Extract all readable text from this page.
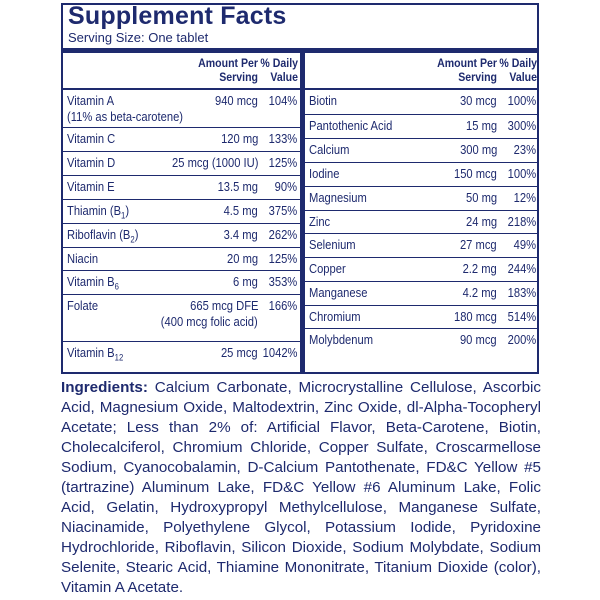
Supplement Facts
Serving Size: One tablet
Amount Per
Serving
% Daily
Value
Vitamin A	940 mcg 104%
(11% as beta-carotene)
Vitamin C	120 mg 133%
Vitamin D	25 mcg (1000 IU) 125%
Vitamin E	13.5 mg 90%
Thiamin $(B_1)$	4.5 mg 375%
Riboflavin $(B_2)$	3.4 mg 262%
Niacin	20 mg 125%
Vitamin $B_6$	6 mg 353%
Folate	665 mcg DFE 166%
(400 mcg folic acid)
Vitamin $B_{12}$	25 mcg 1042%
Amount Per
Serving
% Daily
Value
Biotin	30 mcg 100%
Pantothenic Acid	15 mg 300%
Calcium	300 mg 23%
Iodine	150 mcg 100%
Magnesium	50 mg 12%
Zinc	24 mg 218%
Selenium	27 mcg 49%
Copper	2.2 mg 244%
Manganese	4.2 mg 183%
Chromium	180 mcg 514%
Molybdenum	90 mcg 200%
Ingredients: Calcium Carbonate, Microcrystalline Cellulose, Ascorbic Acid, Magnesium Oxide, Maltodextrin, Zinc Oxide, dl-Alpha-Tocopheryl Acetate; Less than 2% of: Artificial Flavor, Beta-Carotene, Biotin, Cholecalciferol, Chromium Chloride, Copper Sulfate, Croscarmellose Sodium, Cyanocobalamin, D-Calcium Pantothenate, FD&C Yellow #5 (tartrazine) Aluminum Lake, FD&C Yellow #6 Aluminum Lake, Folic Acid, Gelatin, Hydroxypropyl Methylcellulose, Manganese Sulfate, Niacinamide, Polyethylene Glycol, Potassium Iodide, Pyridoxine Hydrochloride, Riboflavin, Silicon Dioxide, Sodium Molybdate, Sodium Selenite, Stearic Acid, Thiamine Mononitrate, Titanium Dioxide (color), Vitamin A Acetate.
